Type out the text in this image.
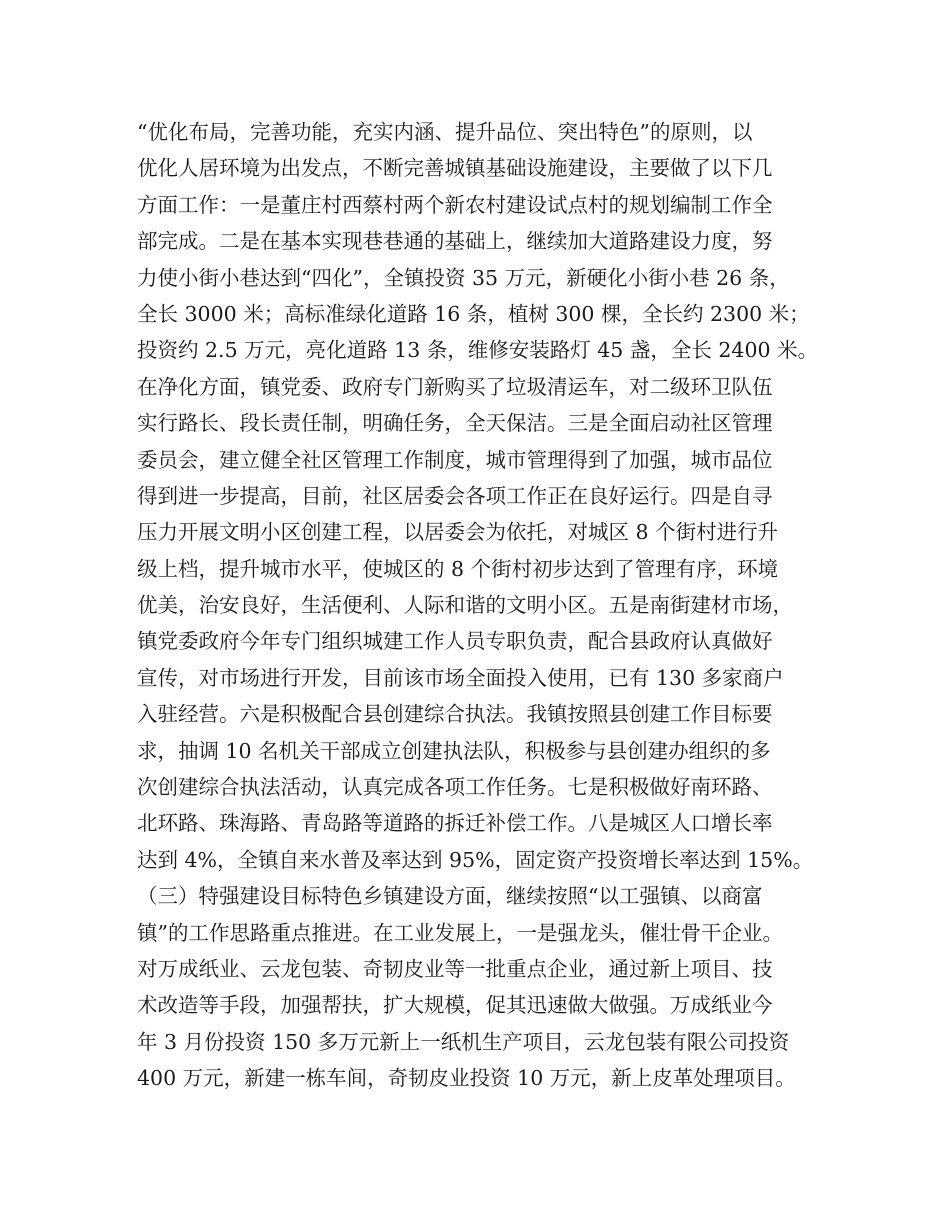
“优化布局，完善功能，充实内涵、提升品位、突出特色”的原则，以
优化人居环境为出发点，不断完善城镇基础设施建设，主要做了以下几
方面工作：一是董庄村西蔡村两个新农村建设试点村的规划编制工作全
部完成。二是在基本实现巷巷通的基础上，继续加大道路建设力度，努
力使小街小巷达到“四化”，全镇投资 35 万元，新硬化小街小巷 26 条，
全长 3000 米；高标准绿化道路 16 条，植树 300 棵，全长约 2300 米；
投资约 2.5 万元，亮化道路 13 条，维修安装路灯 45 盏，全长 2400 米。
在净化方面，镇党委、政府专门新购买了垃圾清运车，对二级环卫队伍
实行路长、段长责任制，明确任务，全天保洁。三是全面启动社区管理
委员会，建立健全社区管理工作制度，城市管理得到了加强，城市品位
得到进一步提高，目前，社区居委会各项工作正在良好运行。四是自寻
压力开展文明小区创建工程，以居委会为依托，对城区 8 个街村进行升
级上档，提升城市水平，使城区的 8 个街村初步达到了管理有序，环境
优美，治安良好，生活便利、人际和谐的文明小区。五是南街建材市场，
镇党委政府今年专门组织城建工作人员专职负责，配合县政府认真做好
宣传，对市场进行开发，目前该市场全面投入使用，已有 130 多家商户
入驻经营。六是积极配合县创建综合执法。我镇按照县创建工作目标要
求，抽调 10 名机关干部成立创建执法队，积极参与县创建办组织的多
次创建综合执法活动，认真完成各项工作任务。七是积极做好南环路、
北环路、珠海路、青岛路等道路的拆迁补偿工作。八是城区人口增长率
达到 4%，全镇自来水普及率达到 95%，固定资产投资增长率达到 15%。
（三）特强建设目标特色乡镇建设方面，继续按照“以工强镇、以商富
镇”的工作思路重点推进。在工业发展上，一是强龙头，催壮骨干企业。
对万成纸业、云龙包装、奇韧皮业等一批重点企业，通过新上项目、技
术改造等手段，加强帮扶，扩大规模，促其迅速做大做强。万成纸业今
年 3 月份投资 150 多万元新上一纸机生产项目，云龙包装有限公司投资
400 万元，新建一栋车间，奇韧皮业投资 10 万元，新上皮革处理项目。
